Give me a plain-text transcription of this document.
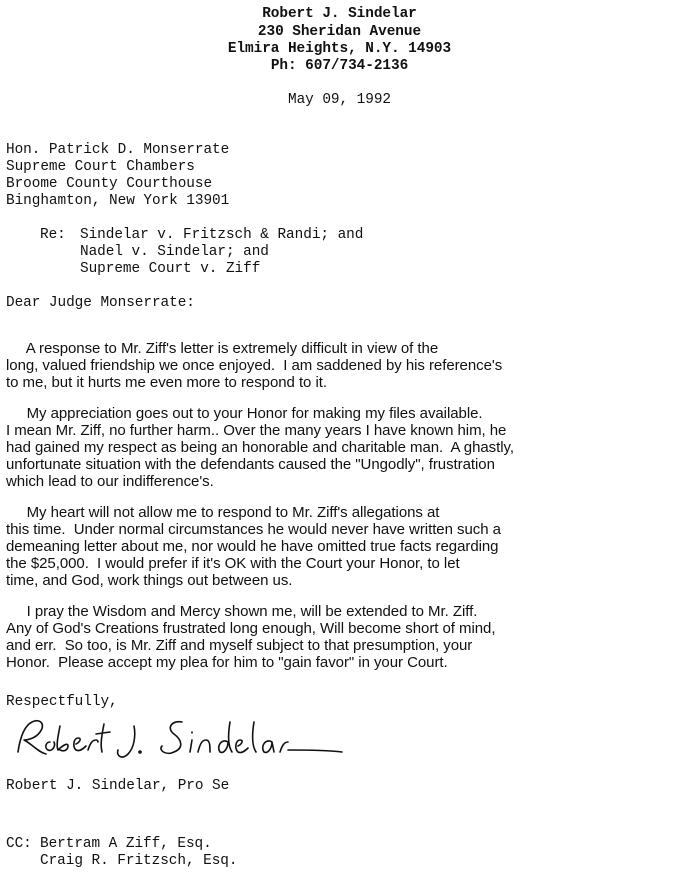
Robert J. Sindelar
230 Sheridan Avenue
Elmira Heights, N.Y. 14903
Ph: 607/734-2136
May 09, 1992
Hon. Patrick D. Monserrate
Supreme Court Chambers
Broome County Courthouse
Binghamton, New York 13901
Re: Sindelar v. Fritzsch & Randi; and
Nadel v. Sindelar; and
Supreme Court v. Ziff
Dear Judge Monserrate:
A response to Mr. Ziff's letter is extremely difficult in view of the
long, valued friendship we once enjoyed.  I am saddened by his reference's
to me, but it hurts me even more to respond to it.
My appreciation goes out to your Honor for making my files available.
I mean Mr. Ziff, no further harm.. Over the many years I have known him, he
had gained my respect as being an honorable and charitable man.  A ghastly,
unfortunate situation with the defendants caused the "Ungodly", frustration
which lead to our indifference's.
My heart will not allow me to respond to Mr. Ziff's allegations at
this time.  Under normal circumstances he would never have written such a
demeaning letter about me, nor would he have omitted true facts regarding
the $25,000.  I would prefer if it's OK with the Court your Honor, to let
time, and God, work things out between us.
I pray the Wisdom and Mercy shown me, will be extended to Mr. Ziff.
Any of God's Creations frustrated long enough, Will become short of mind,
and err.  So too, is Mr. Ziff and myself subject to that presumption, your
Honor.  Please accept my plea for him to "gain favor" in your Court.
Respectfully,
Robert J. Sindelar, Pro Se
CC: Bertram A Ziff, Esq.
Craig R. Fritzsch, Esq.
